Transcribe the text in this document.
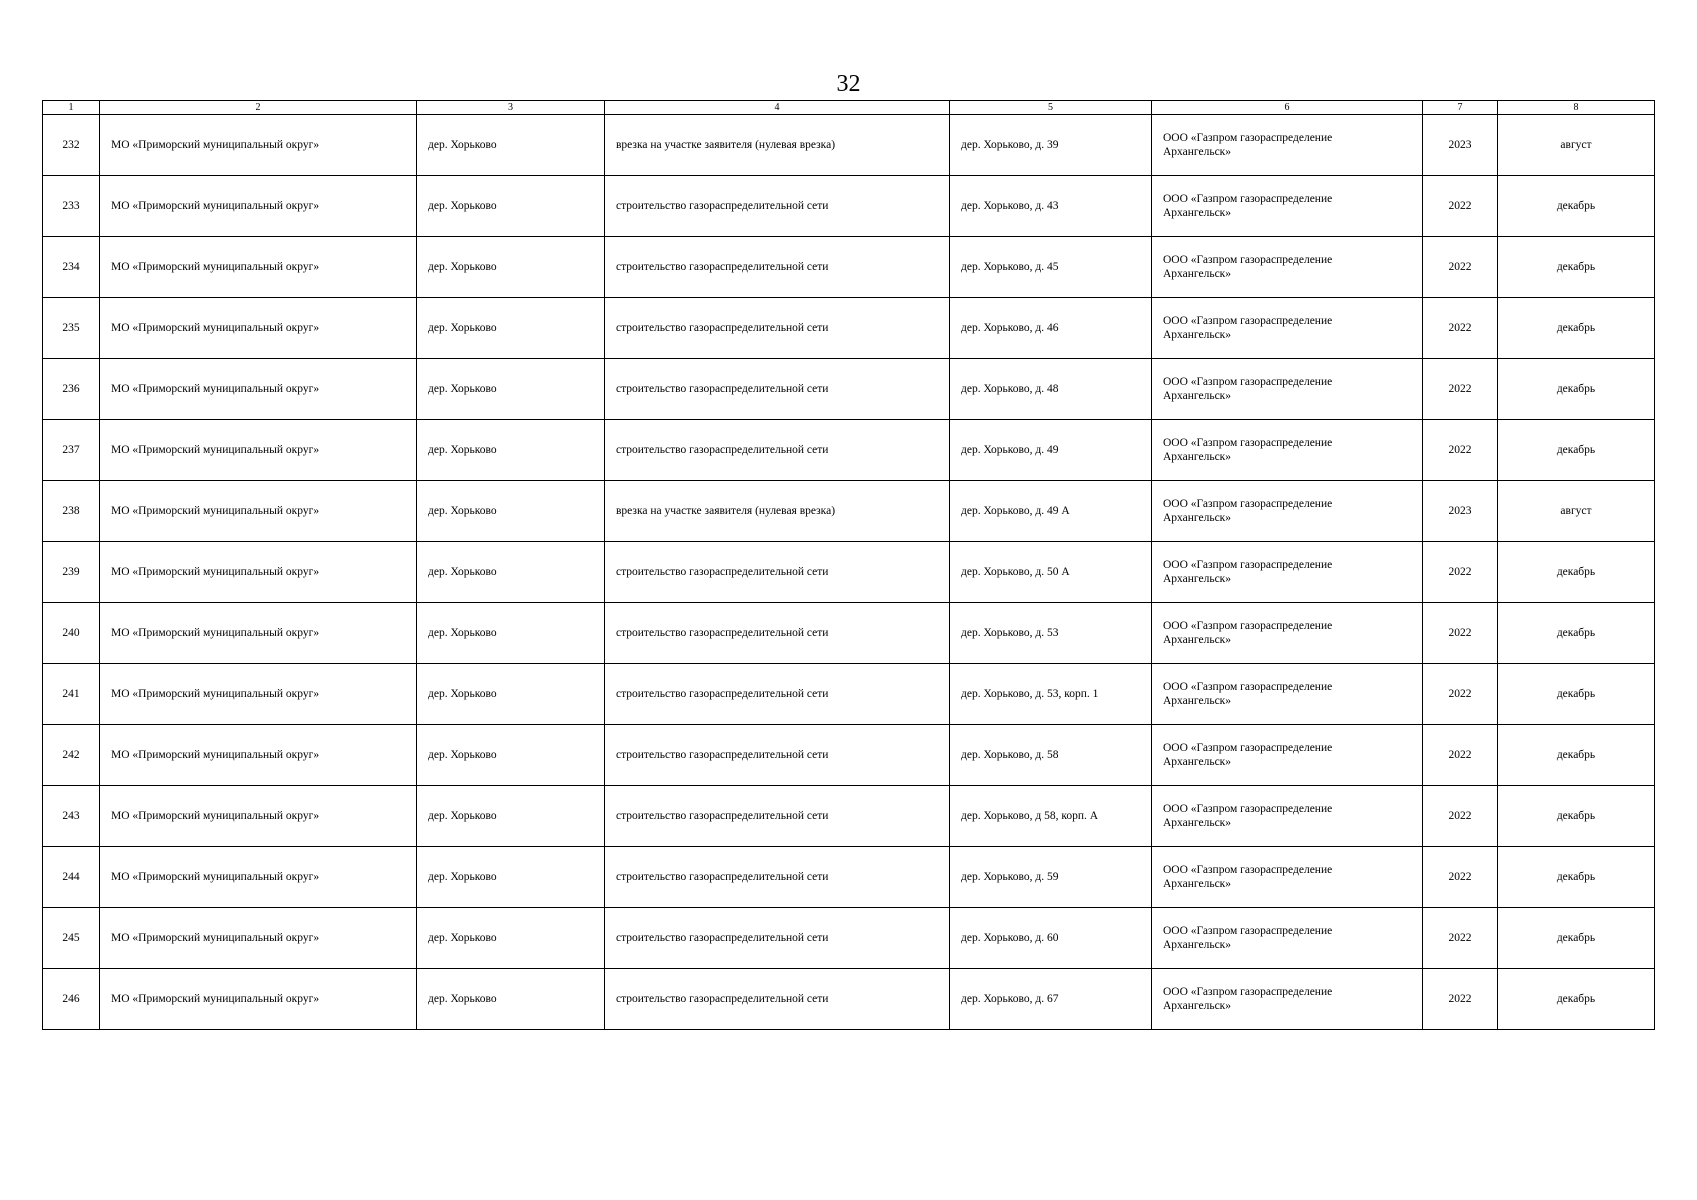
32
1	2	3	4	5	6	7	8

232	МО «Приморский муниципальный округ»	дер. Хорьково	врезка на участке заявителя (нулевая врезка)	дер. Хорьково, д. 39	ООО «Газпром газораспределение
Архангельск»	2023	август

233	МО «Приморский муниципальный округ»	дер. Хорьково	строительство газораспределительной сети	дер. Хорьково, д. 43	ООО «Газпром газораспределение
Архангельск»	2022	декабрь

234	МО «Приморский муниципальный округ»	дер. Хорьково	строительство газораспределительной сети	дер. Хорьково, д. 45	ООО «Газпром газораспределение
Архангельск»	2022	декабрь

235	МО «Приморский муниципальный округ»	дер. Хорьково	строительство газораспределительной сети	дер. Хорьково, д. 46	ООО «Газпром газораспределение
Архангельск»	2022	декабрь

236	МО «Приморский муниципальный округ»	дер. Хорьково	строительство газораспределительной сети	дер. Хорьково, д. 48	ООО «Газпром газораспределение
Архангельск»	2022	декабрь

237	МО «Приморский муниципальный округ»	дер. Хорьково	строительство газораспределительной сети	дер. Хорьково, д. 49	ООО «Газпром газораспределение
Архангельск»	2022	декабрь

238	МО «Приморский муниципальный округ»	дер. Хорьково	врезка на участке заявителя (нулевая врезка)	дер. Хорьково, д. 49 А	ООО «Газпром газораспределение
Архангельск»	2023	август

239	МО «Приморский муниципальный округ»	дер. Хорьково	строительство газораспределительной сети	дер. Хорьково, д. 50 А	ООО «Газпром газораспределение
Архангельск»	2022	декабрь

240	МО «Приморский муниципальный округ»	дер. Хорьково	строительство газораспределительной сети	дер. Хорьково, д. 53	ООО «Газпром газораспределение
Архангельск»	2022	декабрь

241	МО «Приморский муниципальный округ»	дер. Хорьково	строительство газораспределительной сети	дер. Хорьково, д. 53, корп. 1	ООО «Газпром газораспределение
Архангельск»	2022	декабрь

242	МО «Приморский муниципальный округ»	дер. Хорьково	строительство газораспределительной сети	дер. Хорьково, д. 58	ООО «Газпром газораспределение
Архангельск»	2022	декабрь

243	МО «Приморский муниципальный округ»	дер. Хорьково	строительство газораспределительной сети	дер. Хорьково, д 58, корп. А	ООО «Газпром газораспределение
Архангельск»	2022	декабрь

244	МО «Приморский муниципальный округ»	дер. Хорьково	строительство газораспределительной сети	дер. Хорьково, д. 59	ООО «Газпром газораспределение
Архангельск»	2022	декабрь

245	МО «Приморский муниципальный округ»	дер. Хорьково	строительство газораспределительной сети	дер. Хорьково, д. 60	ООО «Газпром газораспределение
Архангельск»	2022	декабрь

246	МО «Приморский муниципальный округ»	дер. Хорьково	строительство газораспределительной сети	дер. Хорьково, д. 67	ООО «Газпром газораспределение
Архангельск»	2022	декабрь
